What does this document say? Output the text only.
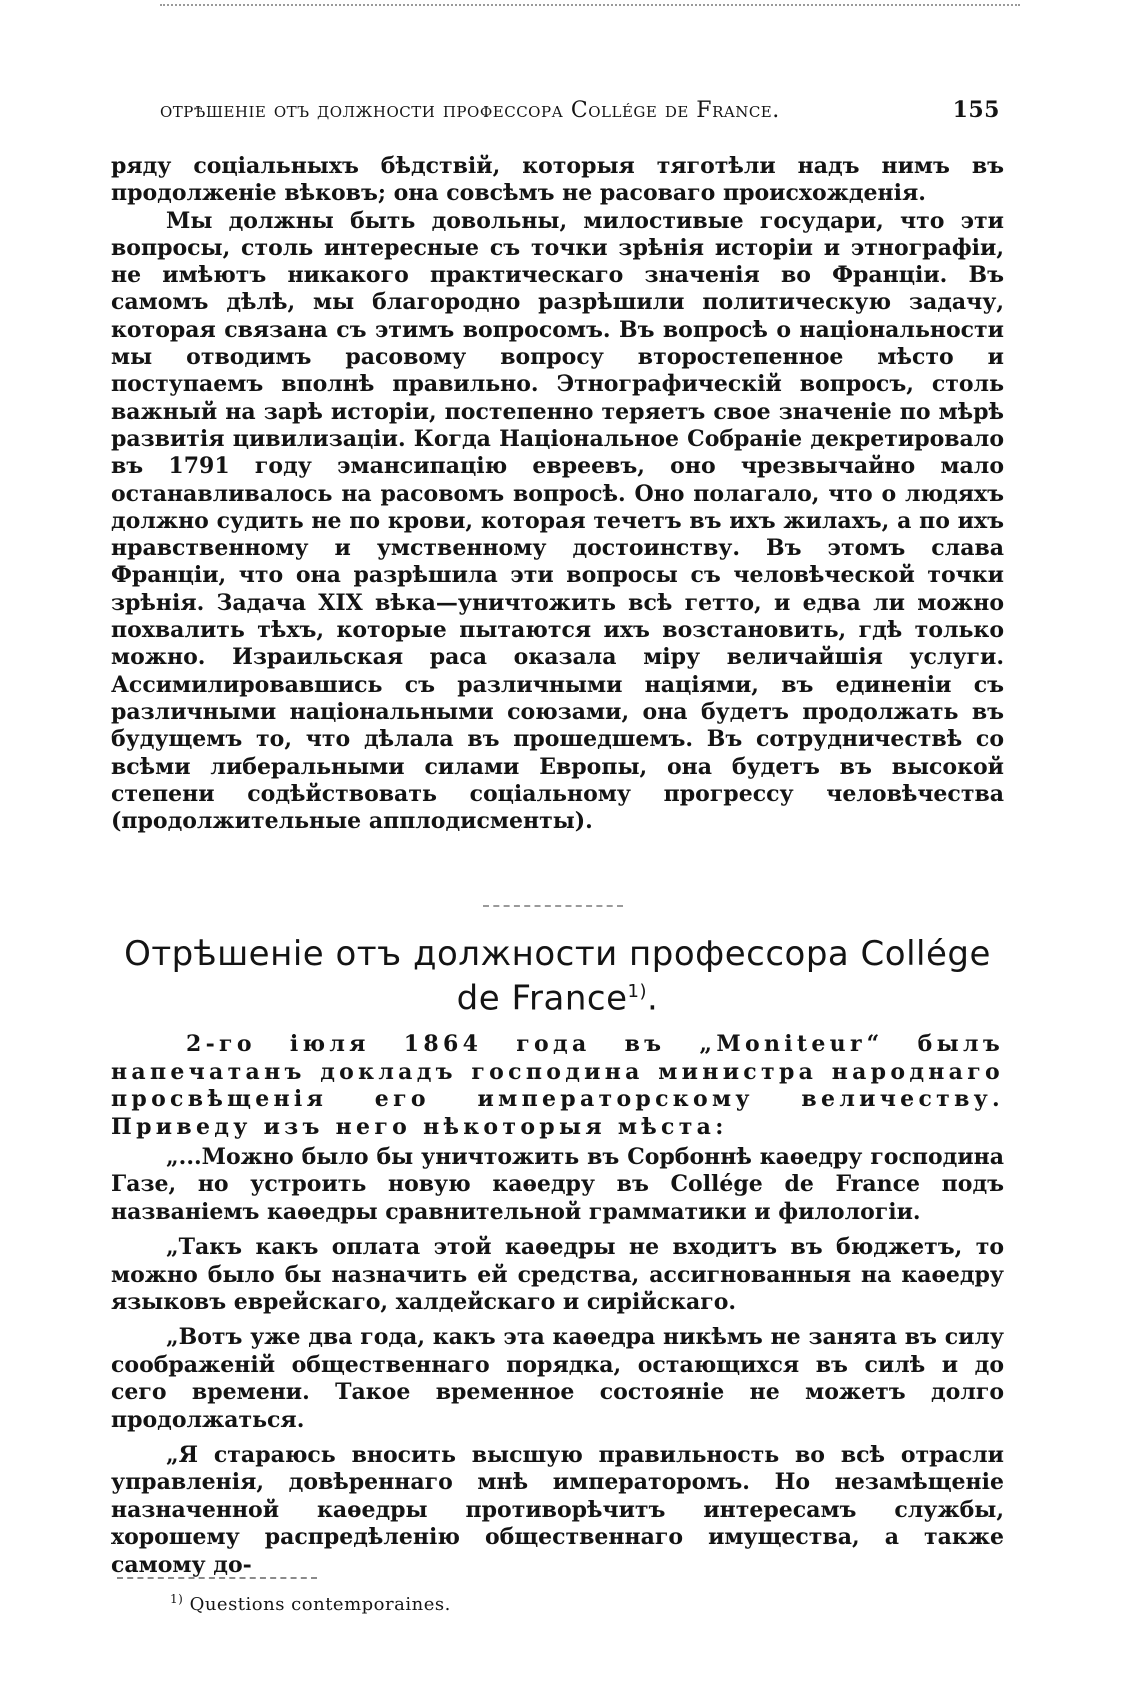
отрѣшеніе отъ должности профессора Collége de France.	155

ряду соціальныхъ бѣдствій, которыя тяготѣли надъ нимъ въ продолженіе вѣковъ; она совсѣмъ не расоваго происхожденія.

Мы должны быть довольны, милостивые государи, что эти вопросы, столь интересные съ точки зрѣнія исторіи и этнографіи, не имѣютъ никакого практическаго значенія во Франціи. Въ самомъ дѣлѣ, мы благородно разрѣшили политическую задачу, которая связана съ этимъ вопросомъ. Въ вопросѣ о національности мы отводимъ расовому вопросу второстепенное мѣсто и поступаемъ вполнѣ правильно. Этнографическій вопросъ, столь важный на зарѣ исторіи, постепенно теряетъ свое значеніе по мѣрѣ развитія цивилизаціи. Когда Національное Собраніе декретировало въ 1791 году эмансипацію евреевъ, оно чрезвычайно мало останавливалось на расовомъ вопросѣ. Оно полагало, что о людяхъ должно судить не по крови, которая течетъ въ ихъ жилахъ, а по ихъ нравственному и умственному достоинству. Въ этомъ слава Франціи, что она разрѣшила эти вопросы съ человѣческой точки зрѣнія. Задача XIX вѣка—уничтожить всѣ гетто, и едва ли можно похвалить тѣхъ, которые пытаются ихъ возстановить, гдѣ только можно. Израильская раса оказала міру величайшія услуги. Ассимилировавшись съ различными націями, въ единеніи съ различными національными союзами, она будетъ продолжать въ будущемъ то, что дѣлала въ прошедшемъ. Въ сотрудничествѣ со всѣми либеральными силами Европы, она будетъ въ высокой степени содѣйствовать соціальному прогрессу человѣчества (продолжительные апплодисменты).

Отрѣшеніе отъ должности профессора Collége de France$^{1)}$.
2-го іюля 1864 года въ „Moniteur“ былъ напечатанъ докладъ господина министра народнаго просвѣщенія его императорскому величеству. Приведу изъ него нѣкоторыя мѣста:

„...Можно было бы уничтожить въ Сорбоннѣ каѳедру господина Газе, но устроить новую каѳедру въ Collége de France подъ названіемъ каѳедры сравнительной грамматики и филологіи.

„Такъ какъ оплата этой каѳедры не входитъ въ бюджетъ, то можно было бы назначить ей средства, ассигнованныя на каѳедру языковъ еврейскаго, халдейскаго и сирійскаго.

„Вотъ уже два года, какъ эта каѳедра никѣмъ не занята въ силу соображеній общественнаго порядка, остающихся въ силѣ и до сего времени. Такое временное состояніе не можетъ долго продолжаться.

„Я стараюсь вносить высшую правильность во всѣ отрасли управленія, довѣреннаго мнѣ императоромъ. Но незамѣщеніе назначенной каѳедры противорѣчитъ интересамъ службы, хорошему распредѣленію общественнаго имущества, а также самому до-

$^{1)}$ Questions contemporaines.
